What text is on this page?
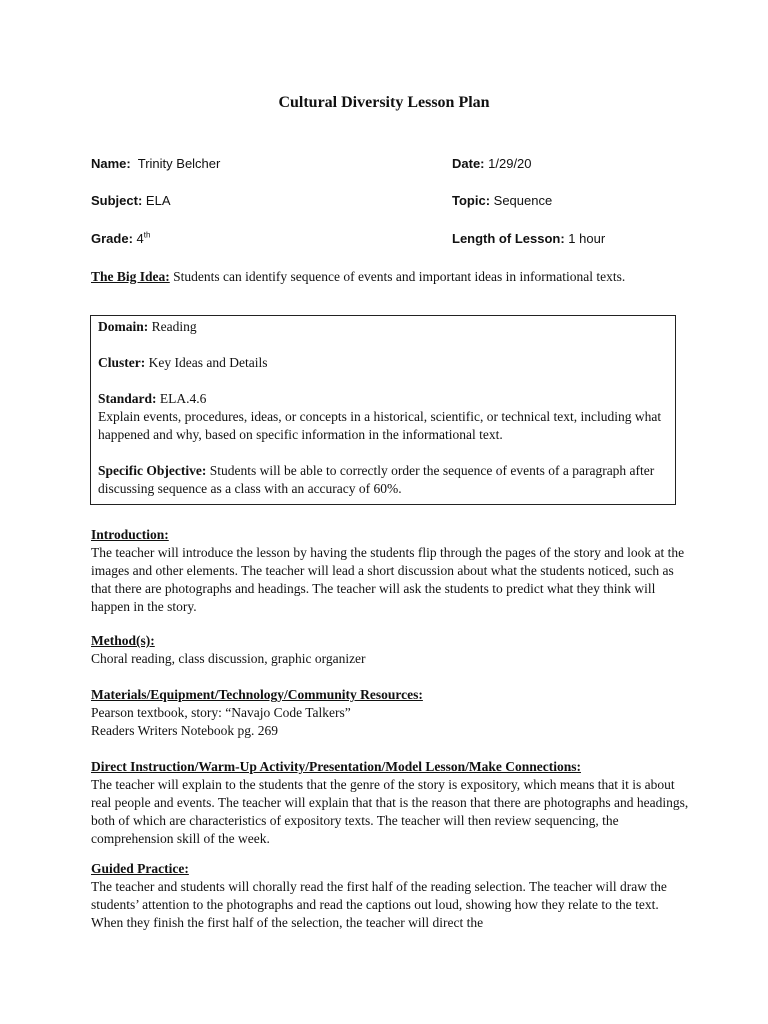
Cultural Diversity Lesson Plan
Name: Trinity Belcher	Date: 1/29/20
Subject: ELA	Topic: Sequence
Grade: 4th	Length of Lesson: 1 hour
The Big Idea: Students can identify sequence of events and important ideas in informational texts.

Domain: Reading

Cluster: Key Ideas and Details

Standard: ELA.4.6

Explain events, procedures, ideas, or concepts in a historical, scientific, or technical text, including what happened and why, based on specific information in the informational text.

Specific Objective: Students will be able to correctly order the sequence of events of a paragraph after discussing sequence as a class with an accuracy of 60%.

Introduction:

The teacher will introduce the lesson by having the students flip through the pages of the story and look at the images and other elements. The teacher will lead a short discussion about what the students noticed, such as that there are photographs and headings. The teacher will ask the students to predict what they think will happen in the story.

Method(s):

Choral reading, class discussion, graphic organizer

Materials/Equipment/Technology/Community Resources:

Pearson textbook, story: “Navajo Code Talkers”

Readers Writers Notebook pg. 269

Direct Instruction/Warm-Up Activity/Presentation/Model Lesson/Make Connections:

The teacher will explain to the students that the genre of the story is expository, which means that it is about real people and events. The teacher will explain that that is the reason that there are photographs and headings, both of which are characteristics of expository texts. The teacher will then review sequencing, the comprehension skill of the week.

Guided Practice:

The teacher and students will chorally read the first half of the reading selection. The teacher will draw the students’ attention to the photographs and read the captions out loud, showing how they relate to the text. When they finish the first half of the selection, the teacher will direct the
